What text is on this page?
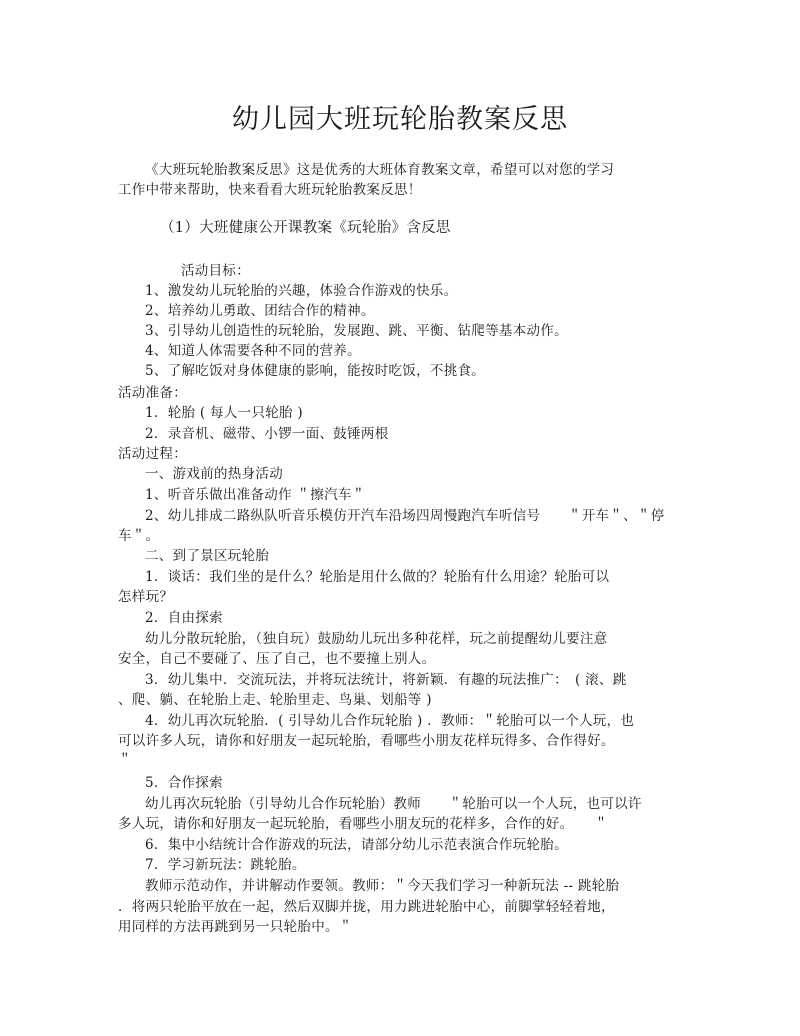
幼儿园大班玩轮胎教案反思
《大班玩轮胎教案反思》这是优秀的大班体育教案文章，希望可以对您的学习
工作中带来帮助，快来看看大班玩轮胎教案反思！
（1）大班健康公开课教案《玩轮胎》含反思
活动目标：
1、激发幼儿玩轮胎的兴趣，体验合作游戏的快乐。
2、培养幼儿勇敢、团结合作的精神。
3、引导幼儿创造性的玩轮胎，发展跑、跳、平衡、钻爬等基本动作。
4、知道人体需要各种不同的营养。
5、了解吃饭对身体健康的影响，能按时吃饭，不挑食。
活动准备：
1．轮胎 ( 每人一只轮胎 )
2．录音机、磁带、小锣一面、鼓锤两根
活动过程：
一、游戏前的热身活动
1、听音乐做出准备动作 ＂擦汽车＂
2、幼儿排成二路纵队听音乐模仿开汽车沿场四周慢跑汽车听信号　　＂开车＂、＂停
车＂。
二、到了景区玩轮胎
1．谈话：我们坐的是什么？轮胎是用什么做的？轮胎有什么用途？轮胎可以
怎样玩？
2．自由探索
幼儿分散玩轮胎，（独自玩）鼓励幼儿玩出多种花样，玩之前提醒幼儿要注意
安全，自己不要碰了、压了自己，也不要撞上别人。
3．幼儿集中．交流玩法，并将玩法统计，将新颖．有趣的玩法推广：　( 滚、跳
、爬、躺、在轮胎上走、轮胎里走、鸟巢、划船等 )
4．幼儿再次玩轮胎．( 引导幼儿合作玩轮胎 ) ．教师：＂轮胎可以一个人玩，也
可以许多人玩，请你和好朋友一起玩轮胎，看哪些小朋友花样玩得多、合作得好。
＂
5．合作探索
幼儿再次玩轮胎（引导幼儿合作玩轮胎）教师　　＂轮胎可以一个人玩，也可以许
多人玩，请你和好朋友一起玩轮胎，看哪些小朋友玩的花样多，合作的好。　　＂
6．集中小结统计合作游戏的玩法，请部分幼儿示范表演合作玩轮胎。
7．学习新玩法：跳轮胎。
教师示范动作，并讲解动作要领。教师：＂今天我们学习一种新玩法 -- 跳轮胎
．将两只轮胎平放在一起，然后双脚并拢，用力跳进轮胎中心，前脚掌轻轻着地，
用同样的方法再跳到另一只轮胎中。＂
